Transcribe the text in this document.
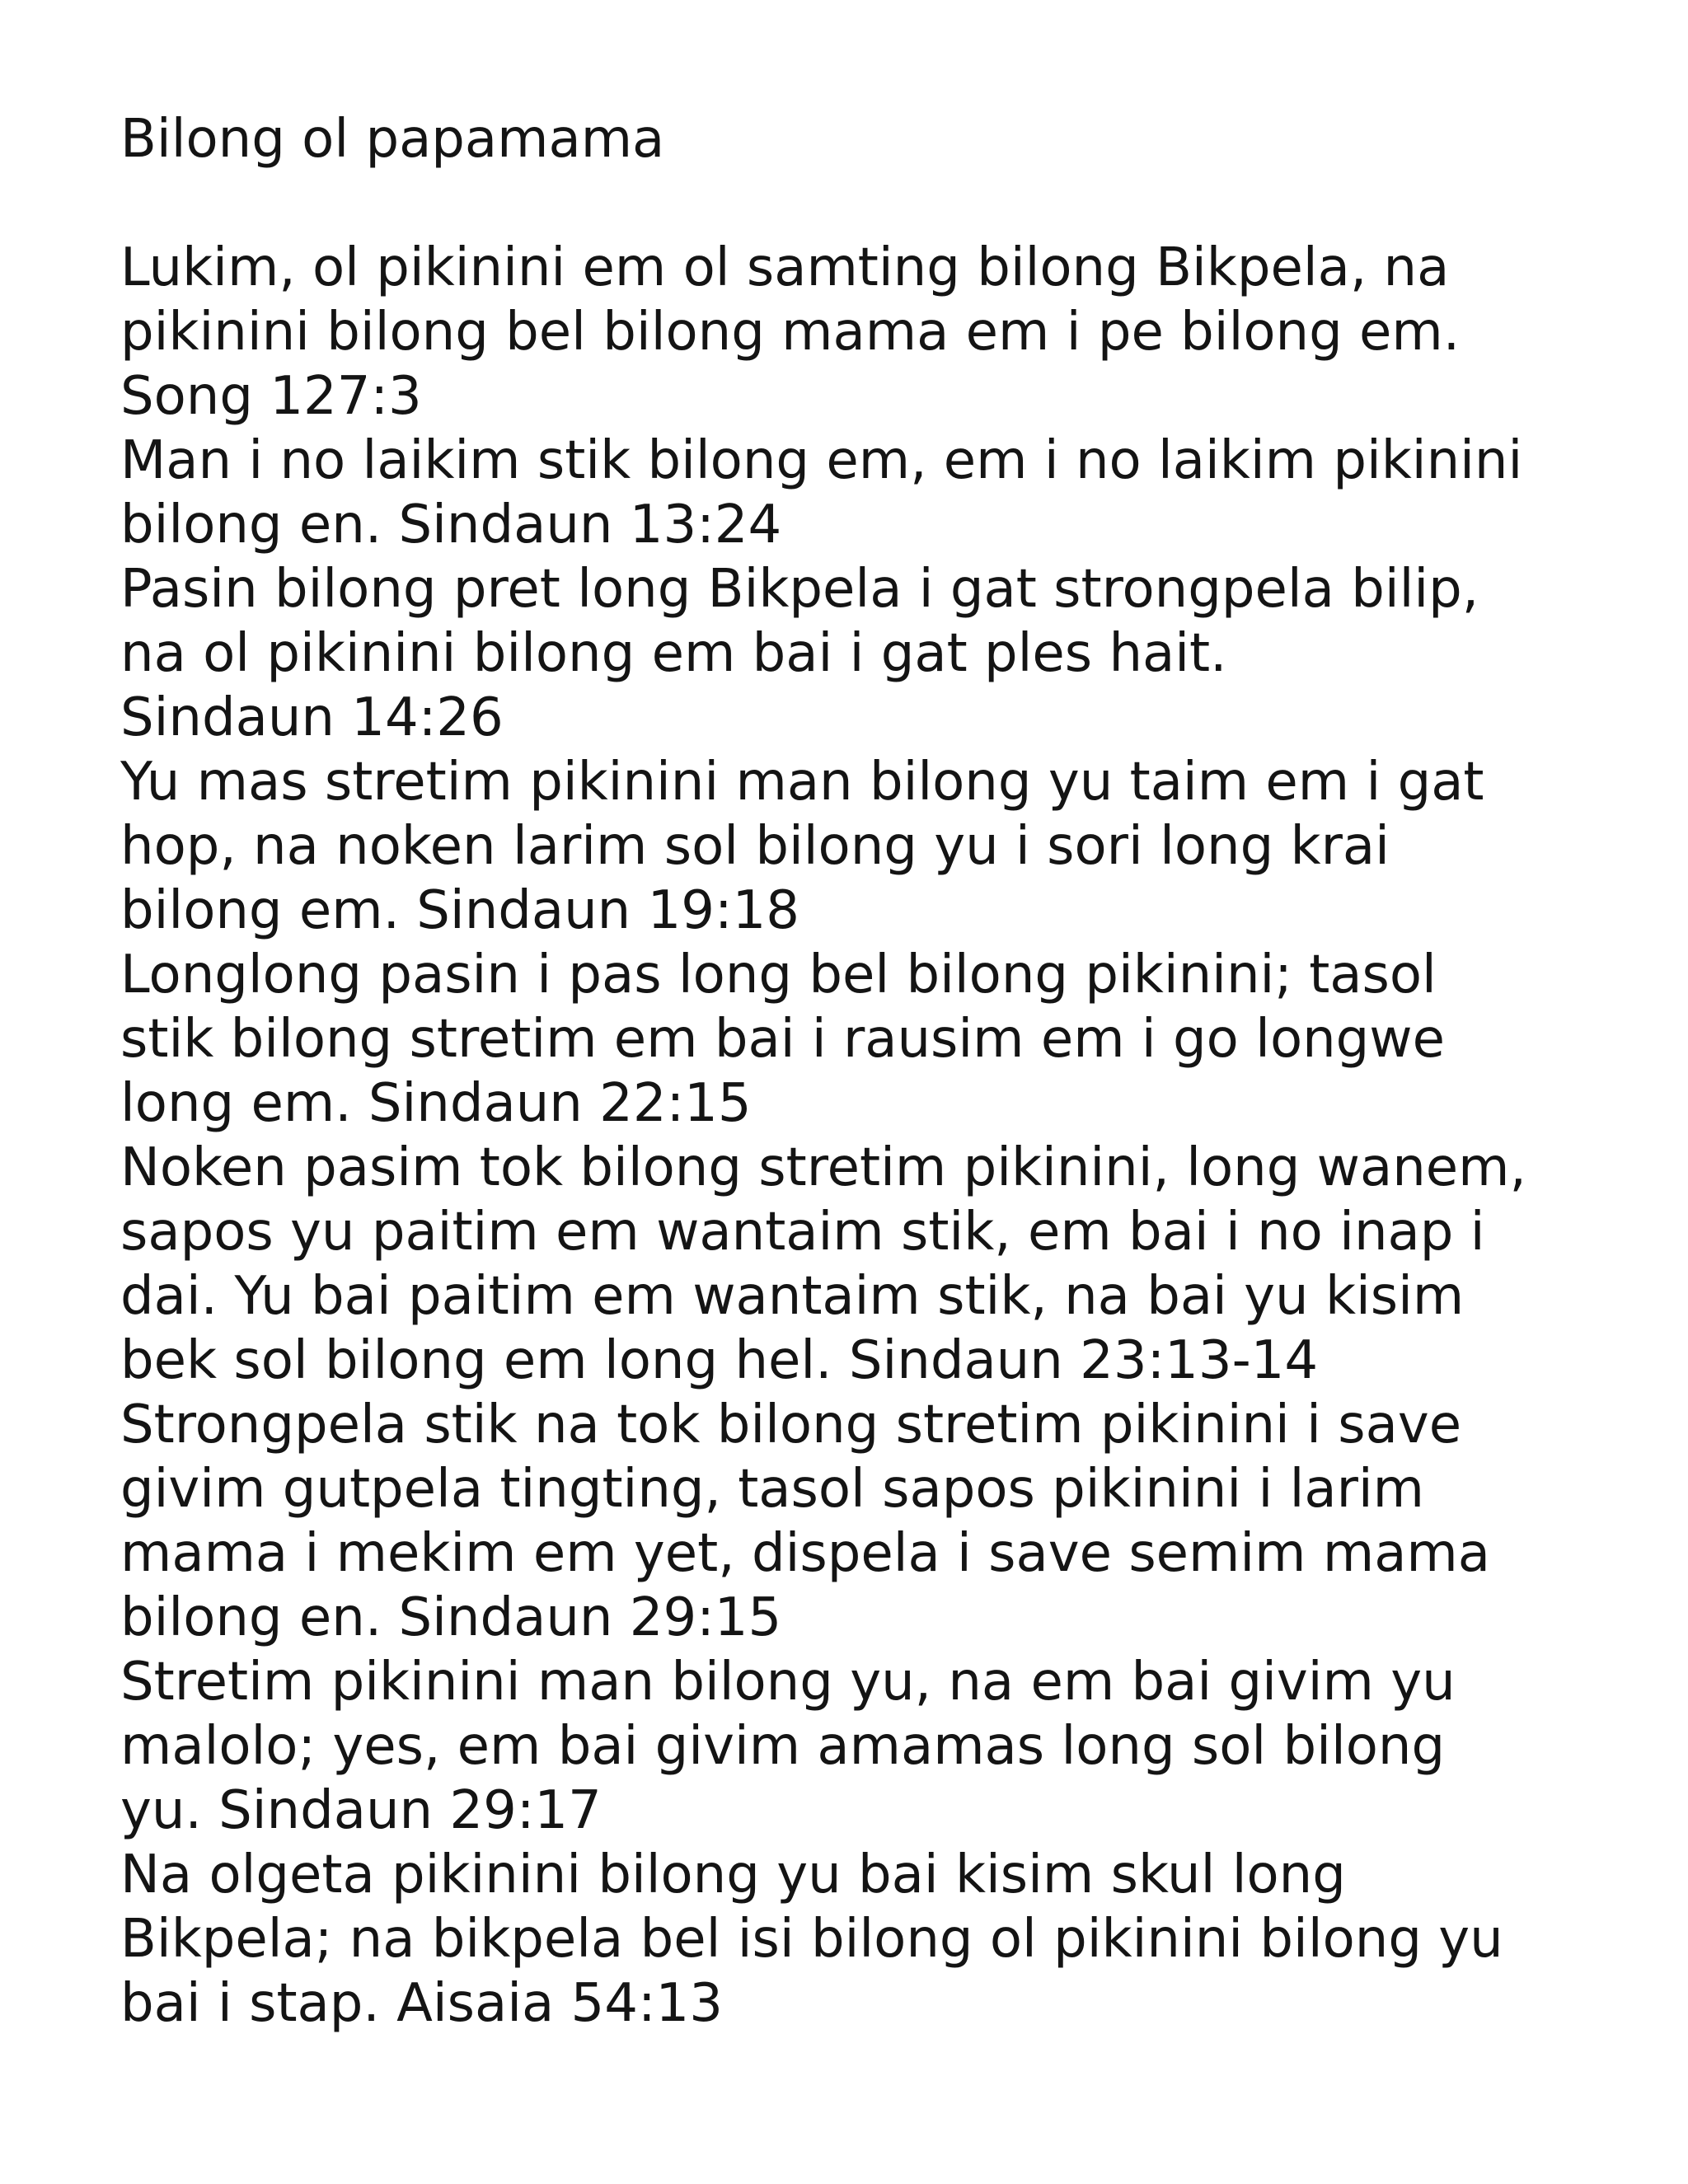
Bilong ol papamama

Lukim, ol pikinini em ol samting bilong Bikpela, na
pikinini bilong bel bilong mama em i pe bilong em.
Song 127:3

Man i no laikim stik bilong em, em i no laikim pikinini
bilong en. Sindaun 13:24

Pasin bilong pret long Bikpela i gat strongpela bilip,
na ol pikinini bilong em bai i gat ples hait.
Sindaun 14:26

Yu mas stretim pikinini man bilong yu taim em i gat
hop, na noken larim sol bilong yu i sori long krai
bilong em. Sindaun 19:18

Longlong pasin i pas long bel bilong pikinini; tasol
stik bilong stretim em bai i rausim em i go longwe
long em. Sindaun 22:15

Noken pasim tok bilong stretim pikinini, long wanem,
sapos yu paitim em wantaim stik, em bai i no inap i
dai. Yu bai paitim em wantaim stik, na bai yu kisim
bek sol bilong em long hel. Sindaun 23:13-14

Strongpela stik na tok bilong stretim pikinini i save
givim gutpela tingting, tasol sapos pikinini i larim
mama i mekim em yet, dispela i save semim mama
bilong en. Sindaun 29:15

Stretim pikinini man bilong yu, na em bai givim yu
malolo; yes, em bai givim amamas long sol bilong
yu. Sindaun 29:17

Na olgeta pikinini bilong yu bai kisim skul long
Bikpela; na bikpela bel isi bilong ol pikinini bilong yu
bai i stap. Aisaia 54:13
